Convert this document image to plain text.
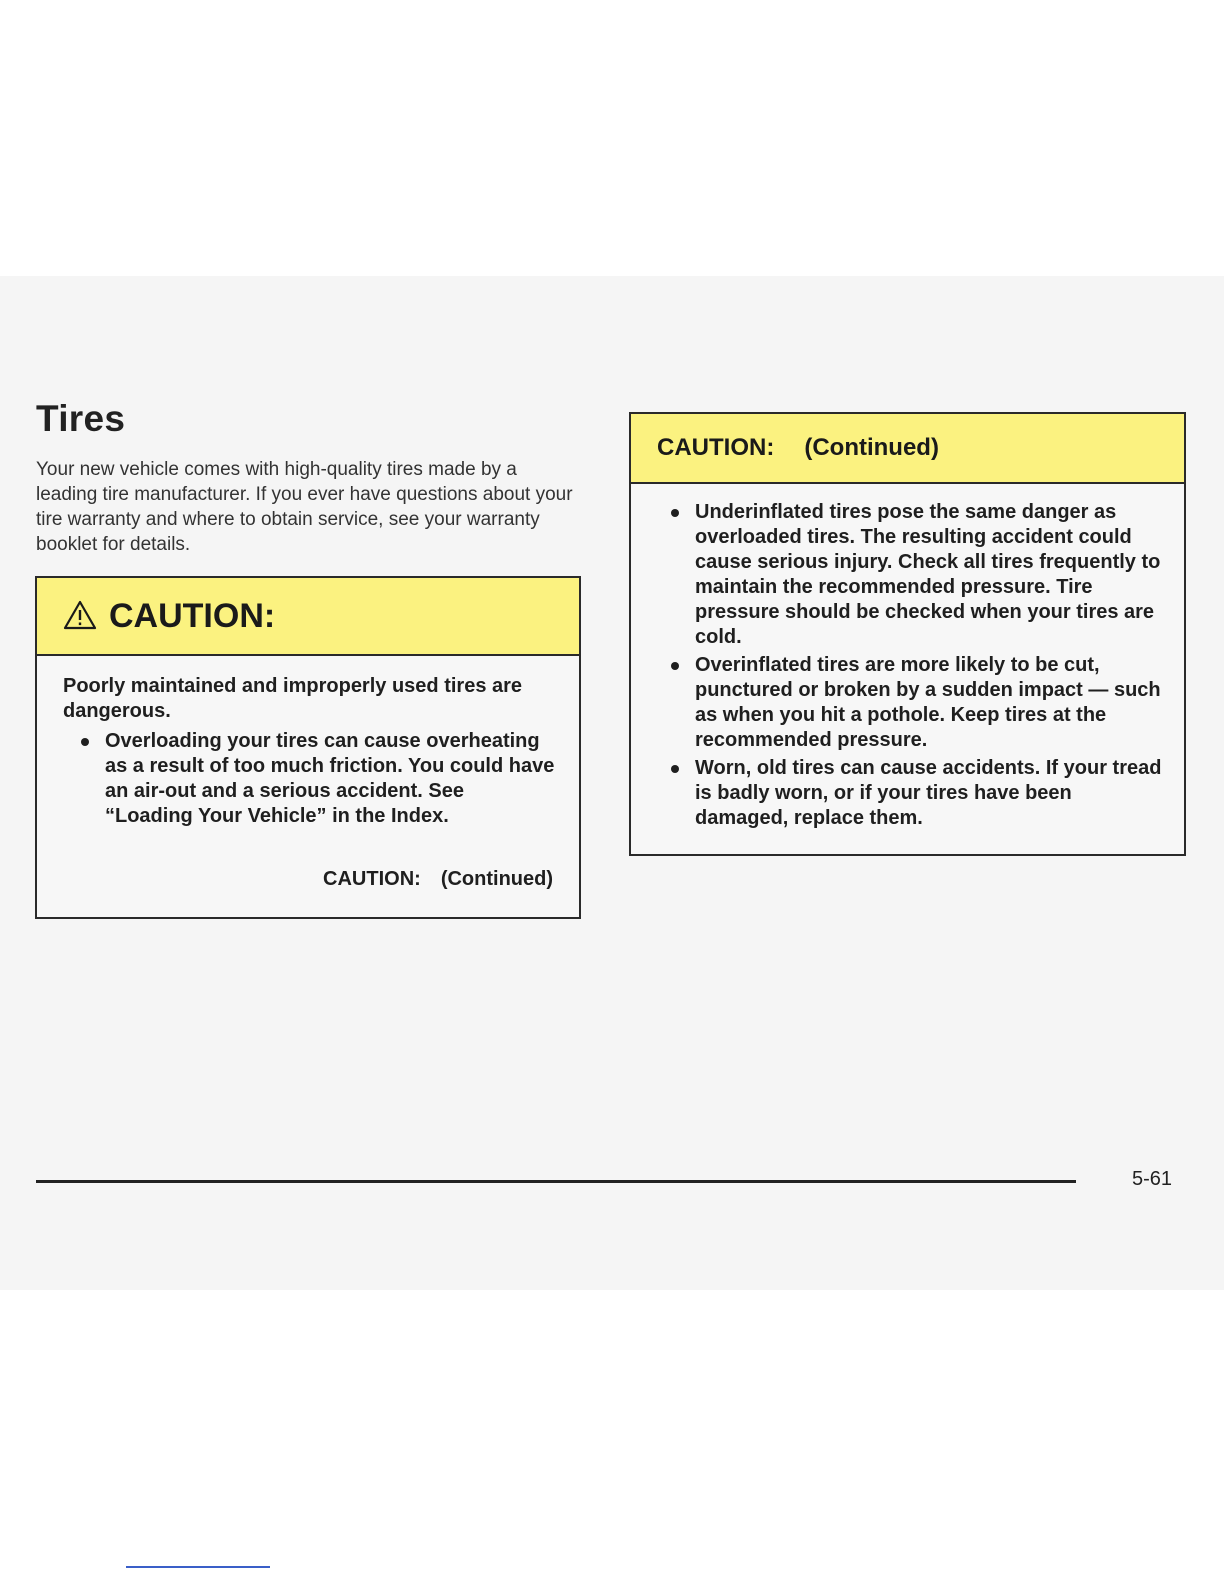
Tires

Your new vehicle comes with high-quality tires made by a leading tire manufacturer. If you ever have questions about your tire warranty and where to obtain service, see your warranty booklet for details.

CAUTION:

Poorly maintained and improperly used tires are dangerous.

Overloading your tires can cause overheating as a result of too much friction. You could have an air-out and a serious accident. See “Loading Your Vehicle” in the Index.
CAUTION: (Continued)
CAUTION: (Continued)
Underinflated tires pose the same danger as overloaded tires. The resulting accident could cause serious injury. Check all tires frequently to maintain the recommended pressure. Tire pressure should be checked when your tires are cold.
Overinflated tires are more likely to be cut, punctured or broken by a sudden impact — such as when you hit a pothole. Keep tires at the recommended pressure.
Worn, old tires can cause accidents. If your tread is badly worn, or if your tires have been damaged, replace them.
5-61
